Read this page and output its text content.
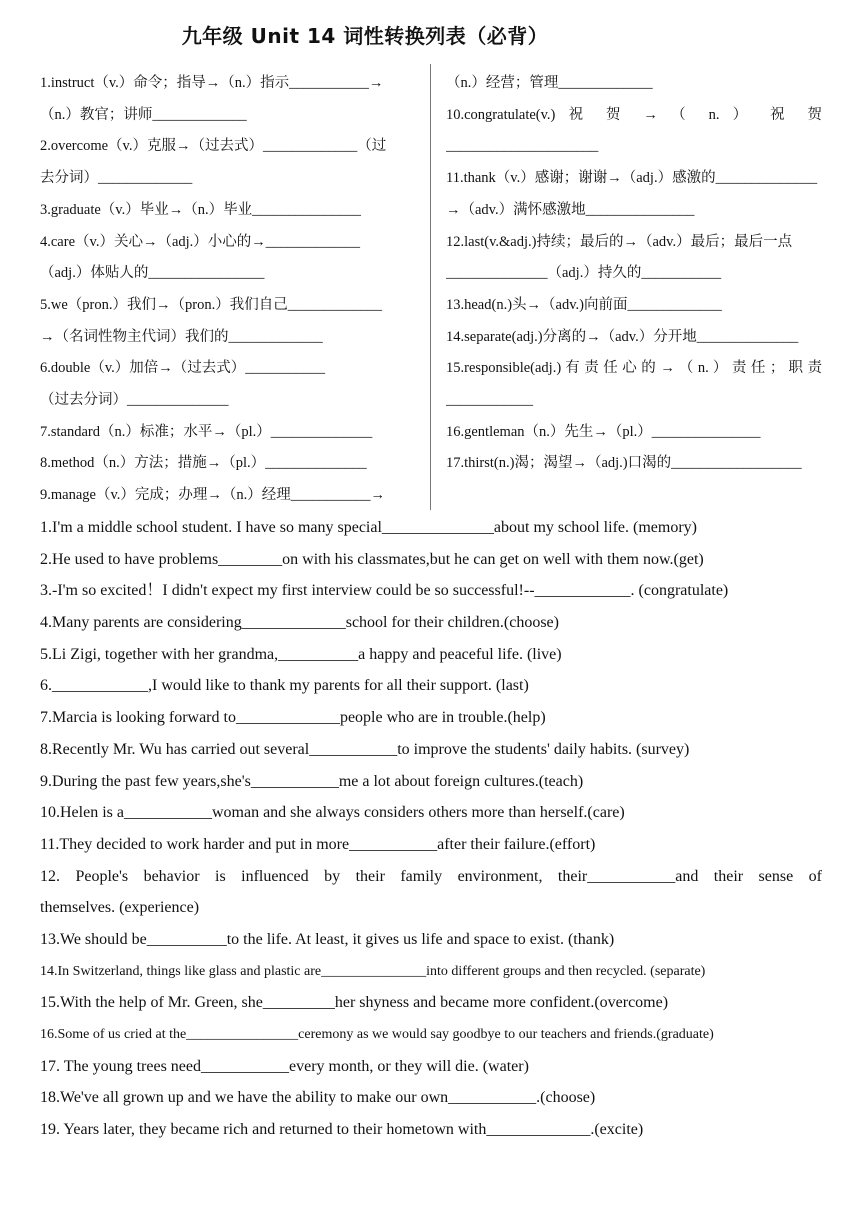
九年级 Unit 14 词性转换列表（必背）
1.instruct（v.）命令；指导→（n.）指示___________→
（n.）教官；讲师_____________
2.overcome（v.）克服→（过去式）_____________（过
去分词）_____________
3.graduate（v.）毕业→（n.）毕业_______________
4.care（v.）关心→（adj.）小心的→_____________
（adj.）体贴人的________________
5.we（pron.）我们→（pron.）我们自己_____________
→（名词性物主代词）我们的_____________
6.double（v.）加倍→（过去式）___________
（过去分词）______________
7.standard（n.）标准；水平→（pl.）______________
8.method（n.）方法；措施→（pl.）______________
9.manage（v.）完成；办理→（n.）经理___________→
（n.）经营；管理_____________
10.congratulate(v.) 祝 贺 → （ n. ） 祝 贺
_____________________
11.thank（v.）感谢；谢谢→（adj.）感激的______________
→（adv.）满怀感激地_______________
12.last(v.&adj.)持续；最后的→（adv.）最后；最后一点
______________（adj.）持久的___________
13.head(n.)头→（adv.)向前面_____________
14.separate(adj.)分离的→（adv.）分开地______________
15.responsible(adj.) 有 责 任 心 的 → （ n. ） 责 任 ； 职 责
____________
16.gentleman（n.）先生→（pl.）_______________
17.thirst(n.)渴；渴望→（adj.)口渴的__________________
1.I'm a middle school student. I have so many special______________about my school life. (memory)
2.He used to have problems________on with his classmates,but he can get on well with them now.(get)
3.-I'm so excited！I didn't expect my first interview could be so successful!--____________. (congratulate)
4.Many parents are considering_____________school for their children.(choose)
5.Li Zigi, together with her grandma,__________a happy and peaceful life. (live)
6.____________,I would like to thank my parents for all their support. (last)
7.Marcia is looking forward to_____________people who are in trouble.(help)
8.Recently Mr. Wu has carried out several___________to improve the students' daily habits. (survey)
9.During the past few years,she's___________me a lot about foreign cultures.(teach)
10.Helen is a___________woman and she always considers others more than herself.(care)
11.They decided to work harder and put in more___________after their failure.(effort)
12. People's behavior is influenced by their family environment, their___________and their sense of
themselves. (experience)
13.We should be__________to the life. At least, it gives us life and space to exist. (thank)
14.In Switzerland, things like glass and plastic are_______________into different groups and then recycled. (separate)
15.With the help of Mr. Green, she_________her shyness and became more confident.(overcome)
16.Some of us cried at the________________ceremony as we would say goodbye to our teachers and friends.(graduate)
17. The young trees need___________every month, or they will die. (water)
18.We've all grown up and we have the ability to make our own___________.(choose)
19. Years later, they became rich and returned to their hometown with_____________.(excite)
